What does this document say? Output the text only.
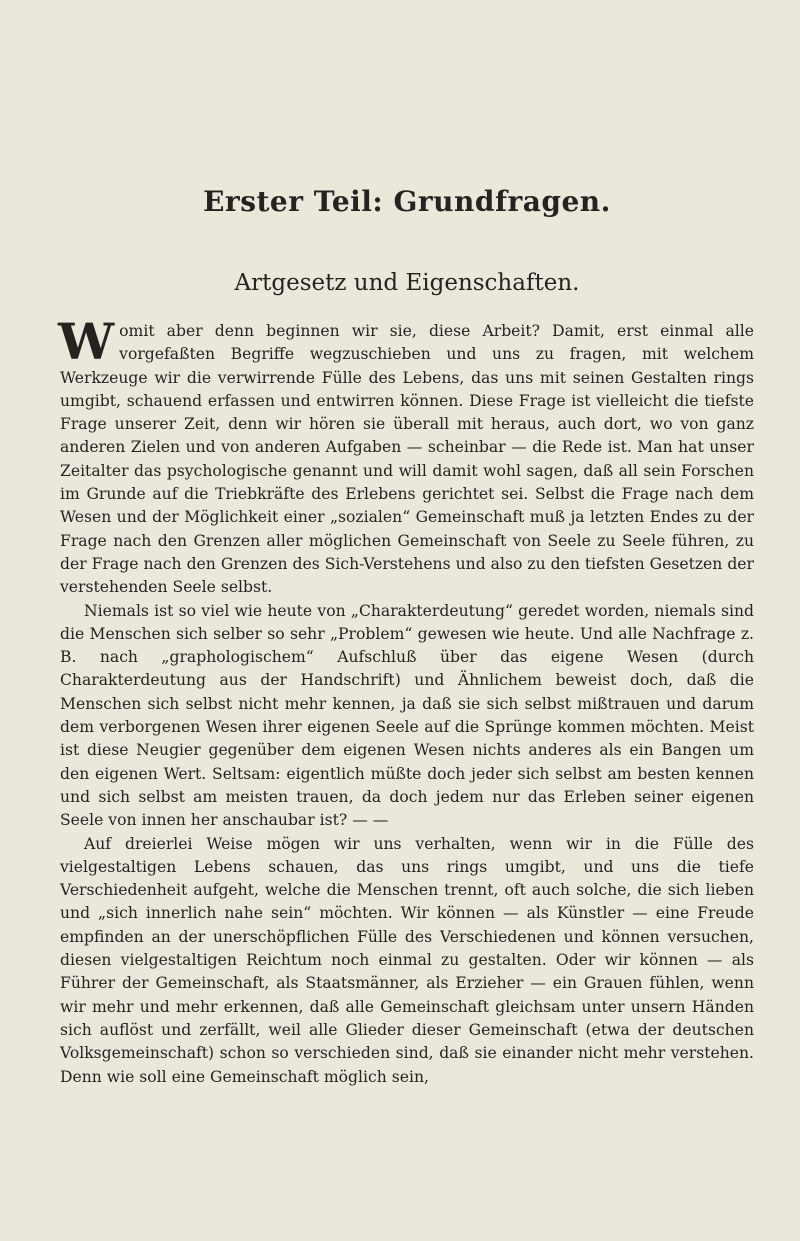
Erster Teil: Grundfragen.
Artgesetz und Eigenschaften.

Womit aber denn beginnen wir sie, diese Arbeit? Damit, erst einmal alle vorgefaßten Begriffe wegzuschieben und uns zu fragen, mit welchem Werkzeuge wir die verwirrende Fülle des Lebens, das uns mit seinen Gestalten rings umgibt, schauend erfassen und entwirren können. Diese Frage ist vielleicht die tiefste Frage unserer Zeit, denn wir hören sie überall mit heraus, auch dort, wo von ganz anderen Zielen und von anderen Aufgaben — scheinbar — die Rede ist. Man hat unser Zeitalter das psychologische genannt und will damit wohl sagen, daß all sein Forschen im Grunde auf die Triebkräfte des Erlebens gerichtet sei. Selbst die Frage nach dem Wesen und der Möglichkeit einer „sozialen“ Gemeinschaft muß ja letzten Endes zu der Frage nach den Grenzen aller möglichen Gemeinschaft von Seele zu Seele führen, zu der Frage nach den Grenzen des Sich-Verstehens und also zu den tiefsten Gesetzen der verstehenden Seele selbst.

Niemals ist so viel wie heute von „Charakterdeutung“ geredet worden, niemals sind die Menschen sich selber so sehr „Problem“ gewesen wie heute. Und alle Nachfrage z. B. nach „graphologischem“ Aufschluß über das eigene Wesen (durch Charakterdeutung aus der Handschrift) und Ähnlichem beweist doch, daß die Menschen sich selbst nicht mehr kennen, ja daß sie sich selbst mißtrauen und darum dem verborgenen Wesen ihrer eigenen Seele auf die Sprünge kommen möchten. Meist ist diese Neugier gegenüber dem eigenen Wesen nichts anderes als ein Bangen um den eigenen Wert. Seltsam: eigentlich müßte doch jeder sich selbst am besten kennen und sich selbst am meisten trauen, da doch jedem nur das Erleben seiner eigenen Seele von innen her anschaubar ist? — —

Auf dreierlei Weise mögen wir uns verhalten, wenn wir in die Fülle des vielgestaltigen Lebens schauen, das uns rings umgibt, und uns die tiefe Verschiedenheit aufgeht, welche die Menschen trennt, oft auch solche, die sich lieben und „sich innerlich nahe sein“ möchten. Wir können — als Künstler — eine Freude empfinden an der unerschöpflichen Fülle des Verschiedenen und können versuchen, diesen vielgestaltigen Reichtum noch einmal zu gestalten. Oder wir können — als Führer der Gemeinschaft, als Staatsmänner, als Erzieher — ein Grauen fühlen, wenn wir mehr und mehr erkennen, daß alle Gemeinschaft gleichsam unter unsern Händen sich auflöst und zerfällt, weil alle Glieder dieser Gemeinschaft (etwa der deutschen Volksgemeinschaft) schon so verschieden sind, daß sie einander nicht mehr verstehen. Denn wie soll eine Gemeinschaft möglich sein,
